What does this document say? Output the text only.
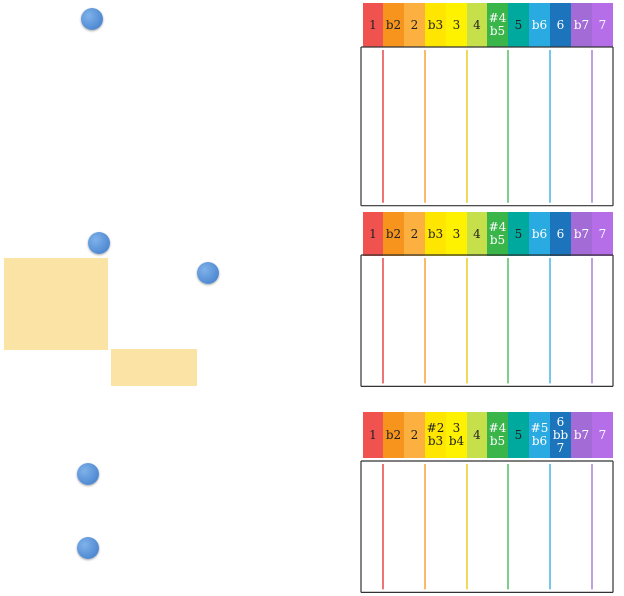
1 b2 2 b3 3	4 #4
b5 5 b6 6 b7 7

1 b2 2 b3 3	4 #4
b5 5 b6 6 b7 7
1 b2 2 #2
b3
3
b4 4 #4
b5 5 #5
b6
6
bb
7
b7 7
